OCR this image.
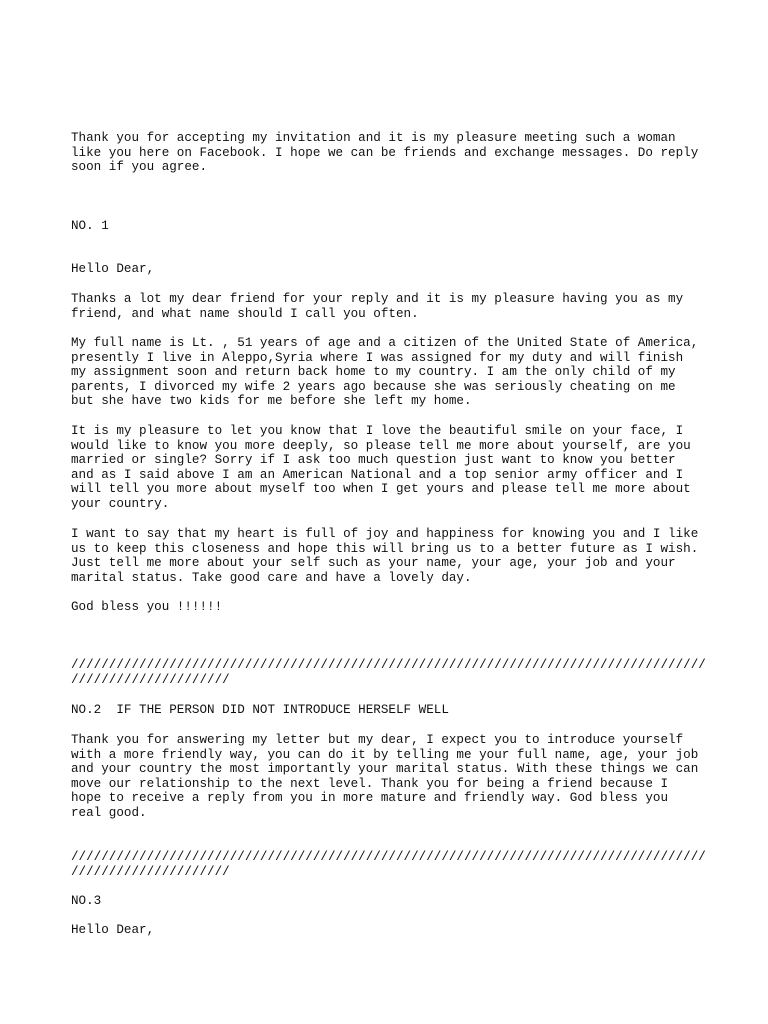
Thank you for accepting my invitation and it is my pleasure meeting such a woman
like you here on Facebook. I hope we can be friends and exchange messages. Do reply
soon if you agree.

NO. 1

Hello Dear,

Thanks a lot my dear friend for your reply and it is my pleasure having you as my
friend, and what name should I call you often.

My full name is Lt. , 51 years of age and a citizen of the United State of America,
presently I live in Aleppo,Syria where I was assigned for my duty and will finish
my assignment soon and return back home to my country. I am the only child of my
parents, I divorced my wife 2 years ago because she was seriously cheating on me
but she have two kids for me before she left my home.

It is my pleasure to let you know that I love the beautiful smile on your face, I
would like to know you more deeply, so please tell me more about yourself, are you
married or single? Sorry if I ask too much question just want to know you better
and as I said above I am an American National and a top senior army officer and I
will tell you more about myself too when I get yours and please tell me more about
your country.

I want to say that my heart is full of joy and happiness for knowing you and I like
us to keep this closeness and hope this will bring us to a better future as I wish.
Just tell me more about your self such as your name, your age, your job and your
marital status. Take good care and have a lovely day.

God bless you !!!!!!

////////////////////////////////////////////////////////////////////////////////////
/////////////////////

NO.2  IF THE PERSON DID NOT INTRODUCE HERSELF WELL

Thank you for answering my letter but my dear, I expect you to introduce yourself
with a more friendly way, you can do it by telling me your full name, age, your job
and your country the most importantly your marital status. With these things we can
move our relationship to the next level. Thank you for being a friend because I
hope to receive a reply from you in more mature and friendly way. God bless you
real good.

////////////////////////////////////////////////////////////////////////////////////
/////////////////////

NO.3

Hello Dear,
